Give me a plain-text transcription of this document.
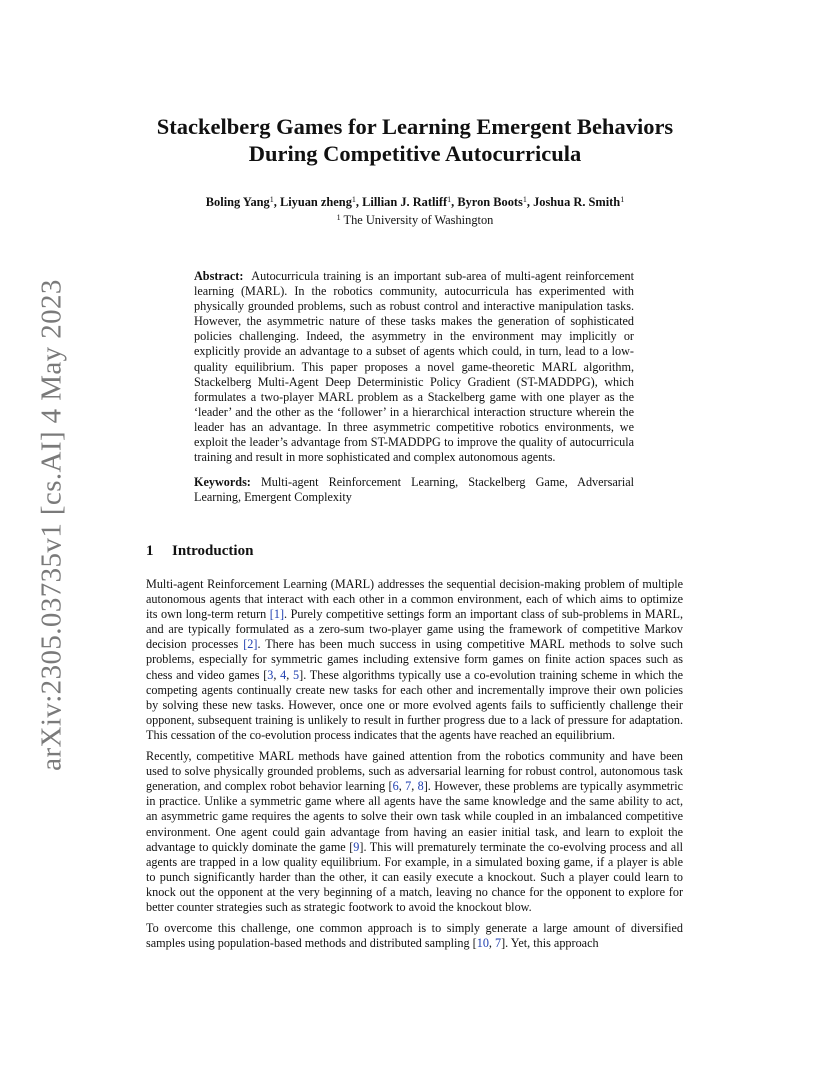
arXiv:2305.03735v1 [cs.AI] 4 May 2023
Stackelberg Games for Learning Emergent Behaviors
During Competitive Autocurricula
Boling Yang$^1$, Liyuan zheng$^1$, Lillian J. Ratliff$^1$, Byron Boots$^1$, Joshua R. Smith$^1$
$^1$ The University of Washington

Abstract: Autocurricula training is an important sub-area of multi-agent reinforcement learning (MARL). In the robotics community, autocurricula has experimented with physically grounded problems, such as robust control and interactive manipulation tasks. However, the asymmetric nature of these tasks makes the generation of sophisticated policies challenging. Indeed, the asymmetry in the environment may implicitly or explicitly provide an advantage to a subset of agents which could, in turn, lead to a low-quality equilibrium. This paper proposes a novel game-theoretic MARL algorithm, Stackelberg Multi-Agent Deep Deterministic Policy Gradient (ST-MADDPG), which formulates a two-player MARL problem as a Stackelberg game with one player as the ‘leader’ and the other as the ‘follower’ in a hierarchical interaction structure wherein the leader has an advantage. In three asymmetric competitive robotics environments, we exploit the leader’s advantage from ST-MADDPG to improve the quality of autocurricula training and result in more sophisticated and complex autonomous agents.

Keywords: Multi-agent Reinforcement Learning, Stackelberg Game, Adversarial Learning, Emergent Complexity

1 Introduction

Multi-agent Reinforcement Learning (MARL) addresses the sequential decision-making problem of multiple autonomous agents that interact with each other in a common environment, each of which aims to optimize its own long-term return [1]. Purely competitive settings form an important class of sub-problems in MARL, and are typically formulated as a zero-sum two-player game using the framework of competitive Markov decision processes [2]. There has been much success in using competitive MARL methods to solve such problems, especially for symmetric games including extensive form games on finite action spaces such as chess and video games [3, 4, 5]. These algorithms typically use a co-evolution training scheme in which the competing agents continually create new tasks for each other and incrementally improve their own policies by solving these new tasks. However, once one or more evolved agents fails to sufficiently challenge their opponent, subsequent training is unlikely to result in further progress due to a lack of pressure for adaptation. This cessation of the co-evolution process indicates that the agents have reached an equilibrium.

Recently, competitive MARL methods have gained attention from the robotics community and have been used to solve physically grounded problems, such as adversarial learning for robust control, autonomous task generation, and complex robot behavior learning [6, 7, 8]. However, these problems are typically asymmetric in practice. Unlike a symmetric game where all agents have the same knowledge and the same ability to act, an asymmetric game requires the agents to solve their own task while coupled in an imbalanced competitive environment. One agent could gain advantage from having an easier initial task, and learn to exploit the advantage to quickly dominate the game [9]. This will prematurely terminate the co-evolving process and all agents are trapped in a low quality equilibrium. For example, in a simulated boxing game, if a player is able to punch significantly harder than the other, it can easily execute a knockout. Such a player could learn to knock out the opponent at the very beginning of a match, leaving no chance for the opponent to explore for better counter strategies such as strategic footwork to avoid the knockout blow.

To overcome this challenge, one common approach is to simply generate a large amount of diversified samples using population-based methods and distributed sampling [10, 7]. Yet, this approach
